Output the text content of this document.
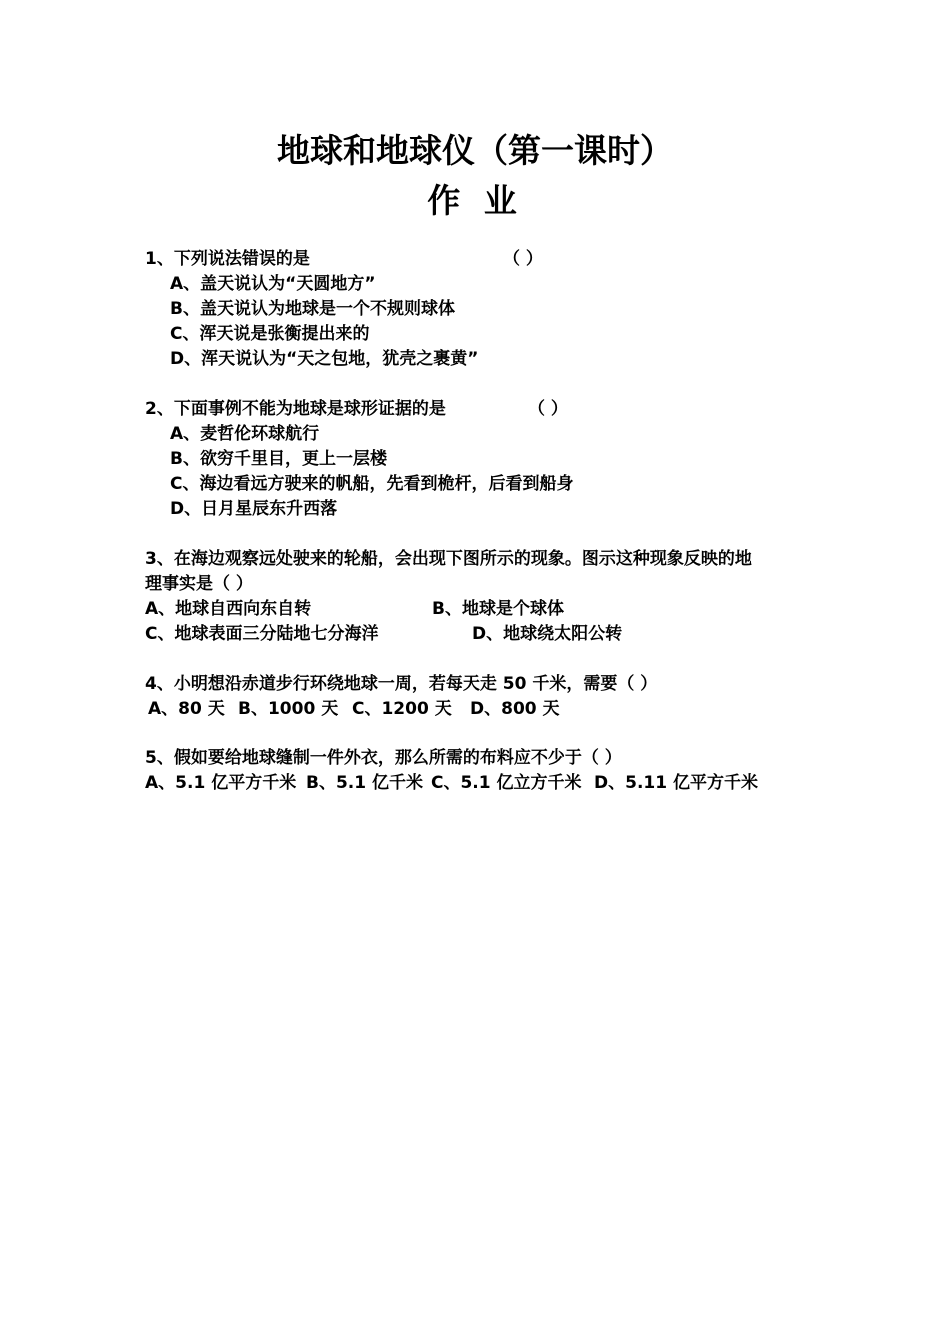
地球和地球仪（第一课时）
作 业
1、下列说法错误的是	（ ）
A、盖天说认为“天圆地方”
B、盖天说认为地球是一个不规则球体
C、浑天说是张衡提出来的
D、浑天说认为“天之包地，犹壳之裹黄”
2、下面事例不能为地球是球形证据的是	（ ）
A、麦哲伦环球航行
B、欲穷千里目，更上一层楼
C、海边看远方驶来的帆船，先看到桅杆，后看到船身
D、日月星辰东升西落
3、在海边观察远处驶来的轮船，会出现下图所示的现象。图示这种现象反映的地
理事实是（ ）
A、地球自西向东自转	B、地球是个球体
C、地球表面三分陆地七分海洋	D、地球绕太阳公转
4、小明想沿赤道步行环绕地球一周，若每天走 50 千米，需要（ ）
A、80 天 B、1000 天 C、1200 天 D、800 天
5、假如要给地球缝制一件外衣，那么所需的布料应不少于（ ）
A、5.1 亿平方千米 B、5.1 亿千米 C、5.1 亿立方千米 D、5.11 亿平方千米
